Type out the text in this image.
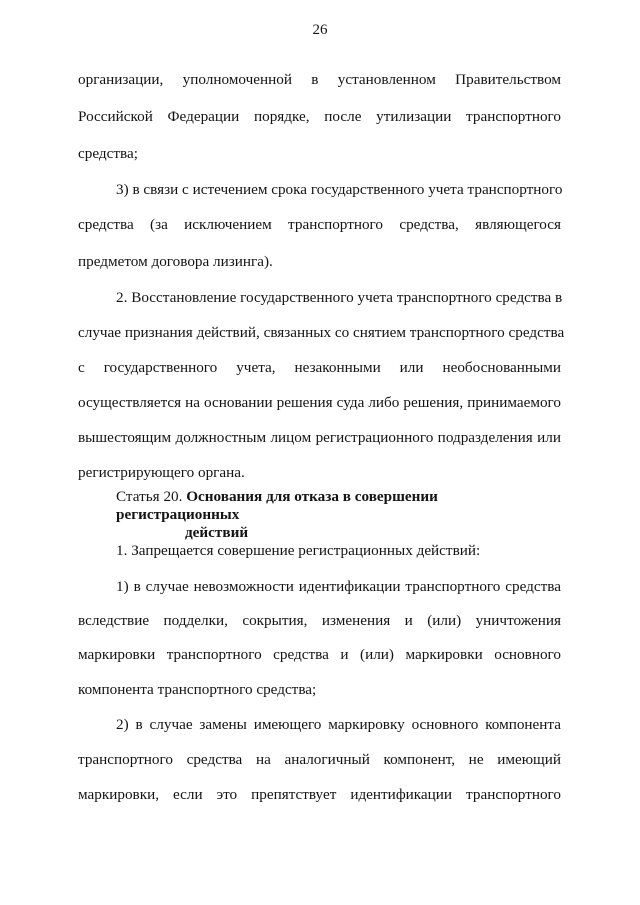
26
организации, уполномоченной в установленном Правительством
Российской Федерации порядке, после утилизации транспортного
средства;
3) в связи с истечением срока государственного учета транспортного
средства (за исключением транспортного средства, являющегося
предметом договора лизинга).
2. Восстановление государственного учета транспортного средства в
случае признания действий, связанных со снятием транспортного средства
с государственного учета, незаконными или необоснованными
осуществляется на основании решения суда либо решения, принимаемого
вышестоящим должностным лицом регистрационного подразделения или
регистрирующего органа.
Статья 20. Основания для отказа в совершении регистрационных
действий
1. Запрещается совершение регистрационных действий:
1) в случае невозможности идентификации транспортного средства
вследствие подделки, сокрытия, изменения и (или) уничтожения
маркировки транспортного средства и (или) маркировки основного
компонента транспортного средства;
2) в случае замены имеющего маркировку основного компонента
транспортного средства на аналогичный компонент, не имеющий
маркировки, если это препятствует идентификации транспортного
